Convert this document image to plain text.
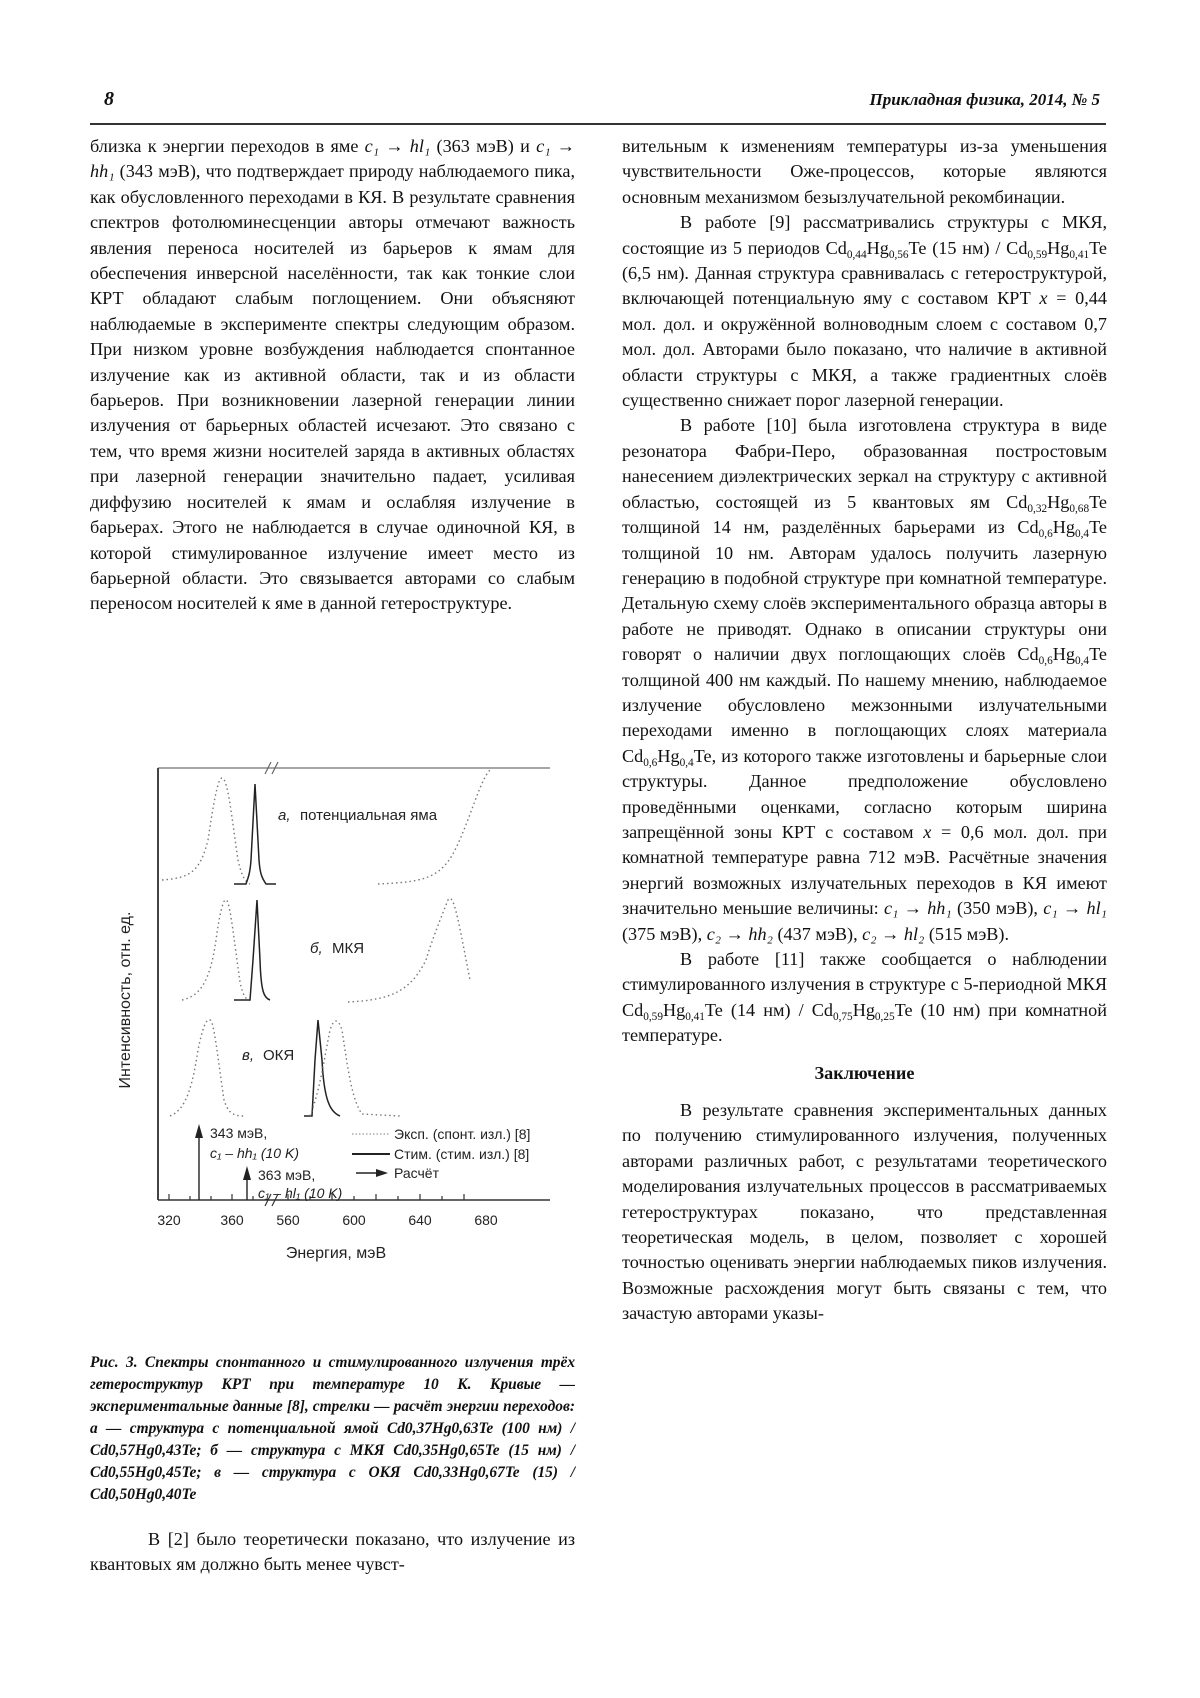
8	Прикладная физика, 2014, № 5

близка к энергии переходов в яме c₁ → hl₁ (363 мэВ) и c₁ → hh₁ (343 мэВ), что подтверждает природу наблюдаемого пика, как обусловленного переходами в КЯ. В результате сравнения спектров фотолюминесценции авторы отмечают важность явления переноса носителей из барьеров к ямам для обеспечения инверсной населённости, так как тонкие слои КРТ обладают слабым поглощением. Они объясняют наблюдаемые в эксперименте спектры следующим образом. При низком уровне возбуждения наблюдается спонтанное излучение как из активной области, так и из области барьеров. При возникновении лазерной генерации линии излучения от барьерных областей исчезают. Это связано с тем, что время жизни носителей заряда в активных областях при лазерной генерации значительно падает, усиливая диффузию носителей к ямам и ослабляя излучение в барьерах. Этого не наблюдается в случае одиночной КЯ, в которой стимулированное излучение имеет место из барьерной области. Это связывается авторами со слабым переносом носителей к яме в данной гетероструктуре.

320	360 560	600	640	680
Энергия, мэВ
Интенсивность, отн. ед.
а, потенциальная яма
б, МКЯ
в, ОКЯ
343 мэВ,
c₁ – hh₁ (10 K)
363 мэВ,
c₁ – hl₁ (10 K)
Эксп. (спонт. изл.) [8]
Стим. (стим. изл.) [8]
Расчёт
Рис. 3. Спектры спонтанного и стимулированного излучения трёх гетероструктур КРТ при температуре 10 К. Кривые — экспериментальные данные [8], стрелки — расчёт энергии переходов: а — структура с потенциальной ямой Cd0,37Hg0,63Te (100 нм) / Cd0,57Hg0,43Te; б — структура с МКЯ Cd0,35Hg0,65Te (15 нм) / Cd0,55Hg0,45Te; в — структура с ОКЯ Cd0,33Hg0,67Te (15) / Cd0,50Hg0,40Te

В [2] было теоретически показано, что излучение из квантовых ям должно быть менее чувст-

вительным к изменениям температуры из-за уменьшения чувствительности Оже-процессов, которые являются основным механизмом безызлучательной рекомбинации.

В работе [9] рассматривались структуры с МКЯ, состоящие из 5 периодов $Cd_{0,44}Hg_{0,56}Te$ (15 $нм) / Cd_{0,59}Hg_{0,41}Te$ (6,5 нм). Данная структура сравнивалась с гетероструктурой, включающей потенциальную яму с составом КРТ x = 0,44 мол. дол. и окружённой волноводным слоем с составом 0,7 мол. дол. Авторами было показано, что наличие в активной области структуры с МКЯ, а также градиентных слоёв существенно снижает порог лазерной генерации.

В работе [10] была изготовлена структура в виде резонатора Фабри-Перо, образованная постростовым нанесением диэлектрических зеркал на структуру с активной областью, состоящей из 5 квантовых ям $Cd_{0,32}Hg_{0,68}Te$ толщиной 14 нм, разделённых барьерами из $Cd_{0,6}Hg_{0,4}Te$ толщиной 10 нм. Авторам удалось получить лазерную генерацию в подобной структуре при комнатной температуре. Детальную схему слоёв экспериментального образца авторы в работе не приводят. Однако в описании структуры они говорят о наличии двух поглощающих слоёв $Cd_{0,6}Hg_{0,4}Te$ толщиной 400 нм каждый. По нашему мнению, наблюдаемое излучение обусловлено межзонными излучательными переходами именно в поглощающих слоях материала $Cd_{0,6}Hg_{0,4}Te$, из которого также изготовлены и барьерные слои структуры. Данное предположение обусловлено проведёнными оценками, согласно которым ширина запрещённой зоны КРТ с составом x = 0,6 мол. дол. при комнатной температуре равна 712 мэВ. Расчётные значения энергий возможных излучательных переходов в КЯ имеют значительно меньшие величины: c₁ → hh₁ (350 мэВ), c₁ → hl₁ (375 мэВ), c₂ → hh₂ (437 мэВ), c₂ → hl₂ (515 мэВ).

В работе [11] также сообщается о наблюдении стимулированного излучения в структуре с 5-периодной МКЯ $Cd_{0,59}Hg_{0,41}Te$ (14 $нм) / Cd_{0,75}Hg_{0,25}Te$ (10 нм) при комнатной температуре.

Заключение

В результате сравнения экспериментальных данных по получению стимулированного излучения, полученных авторами различных работ, с результатами теоретического моделирования излучательных процессов в рассматриваемых гетероструктурах показано, что представленная теоретическая модель, в целом, позволяет с хорошей точностью оценивать энергии наблюдаемых пиков излучения. Возможные расхождения могут быть связаны с тем, что зачастую авторами указы-
